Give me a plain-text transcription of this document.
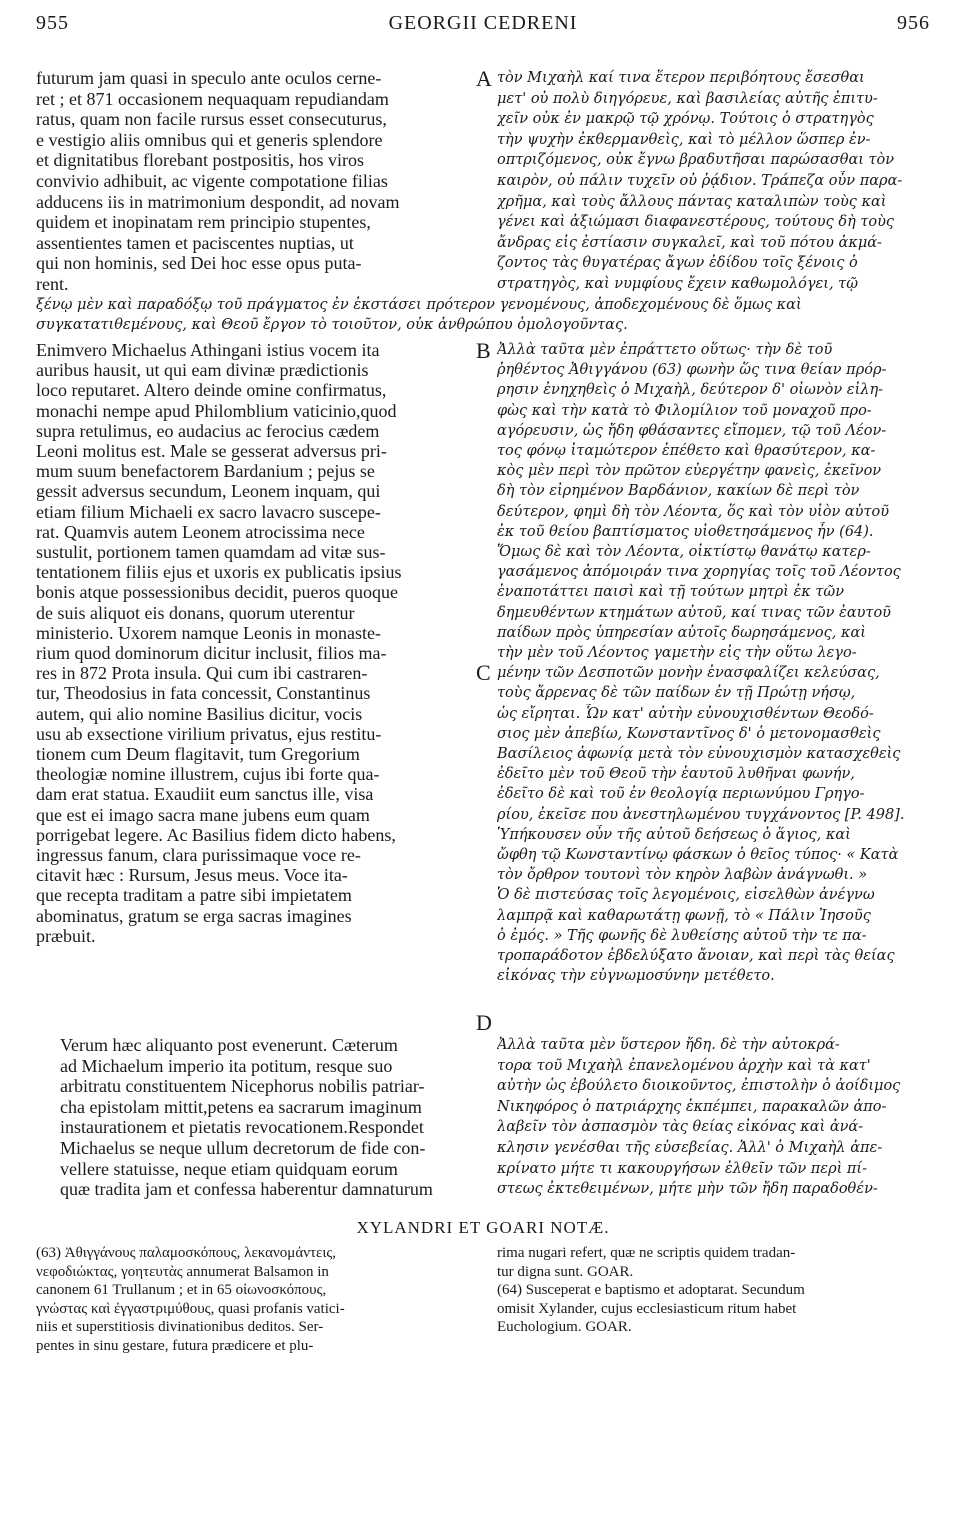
955	GEORGII CEDRENI	956
futurum jam quasi in speculo ante oculos cerne-
ret ; et 871 occasionem nequaquam repudiandam
ratus, quam non facile rursus esset consecuturus,
e vestigio aliis omnibus qui et generis splendore
et dignitatibus florebant postpositis, hos viros
convivio adhibuit, ac vigente compotatione filias
adducens iis in matrimonium despondit, ad novam
quidem et inopinatam rem principio stupentes,
assentientes tamen et paciscentes nuptias, ut
qui non hominis, sed Dei hoc esse opus puta-
rent.
τὸν Μιχαὴλ καί τινα ἕτερον περιβόητους ἔσεσθαι
μετ' οὐ πολὺ διηγόρευε, καὶ βασιλείας αὐτῆς ἐπιτυ-
χεῖν οὐκ ἐν μακρῷ τῷ χρόνῳ. Τούτοις ὁ στρατηγὸς
τὴν ψυχὴν ἐκθερμανθεὶς, καὶ τὸ μέλλον ὥσπερ ἐν-
οπτριζόμενος, οὐκ ἔγνω βραδυτῆσαι παρώσασθαι τὸν
καιρὸν, οὐ πάλιν τυχεῖν οὐ ῥᾴδιον. Τράπεζα οὖν παρα-
χρῆμα, καὶ τοὺς ἄλλους πάντας καταλιπὼν τοὺς καὶ
γένει καὶ ἀξιώμασι διαφανεστέρους, τούτους δὴ τοὺς
ἄνδρας εἰς ἑστίασιν συγκαλεῖ, καὶ τοῦ πότου ἀκμά-
ζοντος τὰς θυγατέρας ἄγων ἐδίδου τοῖς ξένοις ὁ
στρατηγὸς, καὶ νυμφίους ἔχειν καθωμολόγει, τῷ
ξένῳ μὲν καὶ παραδόξῳ τοῦ πράγματος ἐν ἐκστάσει πρότερον γενομένους, ἀποδεχομένους δὲ ὅμως καὶ
συγκατατιθεμένους, καὶ Θεοῦ ἔργον τὸ τοιοῦτον, οὐκ ἀνθρώπου ὁμολογοῦντας.
Enimvero Michaelus Athingani istius vocem ita
auribus hausit, ut qui eam divinæ prædictionis
loco reputaret. Altero deinde omine confirmatus,
monachi nempe apud Philomblium vaticinio,quod
supra retulimus, eo audacius ac ferocius cædem
Leoni molitus est. Male se gesserat adversus pri-
mum suum benefactorem Bardanium ; pejus se
gessit adversus secundum, Leonem inquam, qui
etiam filium Michaeli ex sacro lavacro suscepe-
rat. Quamvis autem Leonem atrocissima nece
sustulit, portionem tamen quamdam ad vitæ sus-
tentationem filiis ejus et uxoris ex publicatis ipsius
bonis atque possessionibus decidit, pueros quoque
de suis aliquot eis donans, quorum uterentur
ministerio. Uxorem namque Leonis in monaste-
rium quod dominorum dicitur inclusit, filios ma-
res in 872 Prota insula. Qui cum ibi castraren-
tur, Theodosius in fata concessit, Constantinus
autem, qui alio nomine Basilius dicitur, vocis
usu ab exsectione virilium privatus, ejus restitu-
tionem cum Deum flagitavit, tum Gregorium
theologiæ nomine illustrem, cujus ibi forte qua-
dam erat statua. Exaudiit eum sanctus ille, visa
que est ei imago sacra mane jubens eum quam
porrigebat legere. Ac Basilius fidem dicto habens,
ingressus fanum, clara purissimaque voce re-
citavit hæc : Rursum, Jesus meus. Voce ita-
que recepta traditam a patre sibi impietatem
abominatus, gratum se erga sacras imagines
præbuit.
Ἀλλὰ ταῦτα μὲν ἐπράττετο οὕτως· τὴν δὲ τοῦ
ῥηθέντος Ἀθιγγάνου (63) φωνὴν ὥς τινα θείαν πρόρ-
ρησιν ἐνηχηθεὶς ὁ Μιχαὴλ, δεύτερον δ' οἰωνὸν εἰλη-
φὼς καὶ τὴν κατὰ τὸ Φιλομίλιον τοῦ μοναχοῦ προ-
αγόρευσιν, ὡς ἤδη φθάσαντες εἴπομεν, τῷ τοῦ Λέον-
τος φόνῳ ἰταμώτερον ἐπέθετο καὶ θρασύτερον, κα-
κὸς μὲν περὶ τὸν πρῶτον εὐεργέτην φανεὶς, ἐκεῖνον
δὴ τὸν εἰρημένον Βαρδάνιον, κακίων δὲ περὶ τὸν
δεύτερον, φημὶ δὴ τὸν Λέοντα, ὅς καὶ τὸν υἱὸν αὐτοῦ
ἐκ τοῦ θείου βαπτίσματος υἱοθετησάμενος ἦν (64).
Ὅμως δὲ καὶ τὸν Λέοντα, οἰκτίστῳ θανάτῳ κατερ-
γασάμενος ἀπόμοιράν τινα χορηγίας τοῖς τοῦ Λέοντος
ἐναποτάττει παισὶ καὶ τῇ τούτων μητρὶ ἐκ τῶν
δημευθέντων κτημάτων αὐτοῦ, καί τινας τῶν ἑαυτοῦ
παίδων πρὸς ὑπηρεσίαν αὐτοῖς δωρησάμενος, καὶ
τὴν μὲν τοῦ Λέοντος γαμετὴν εἰς τὴν οὕτω λεγο-
μένην τῶν Δεσποτῶν μονὴν ἐνασφαλίζει κελεύσας,
τοὺς ἄρρενας δὲ τῶν παίδων ἐν τῇ Πρώτῃ νήσῳ,
ὡς εἴρηται. Ὧν κατ' αὐτὴν εὐνουχισθέντων Θεοδό-
σιος μὲν ἀπεβίω, Κωνσταντῖνος δ' ὁ μετονομασθεὶς
Βασίλειος ἀφωνίᾳ μετὰ τὸν εὐνουχισμὸν κατασχεθεὶς
ἐδεῖτο μὲν τοῦ Θεοῦ τὴν ἑαυτοῦ λυθῆναι φωνήν,
ἐδεῖτο δὲ καὶ τοῦ ἐν θεολογίᾳ περιωνύμου Γρηγο-
ρίου, ἐκεῖσε που ἀνεστηλωμένου τυγχάνοντος [P. 498].
Ὑπήκουσεν οὖν τῆς αὐτοῦ δεήσεως ὁ ἅγιος, καὶ
ὤφθη τῷ Κωνσταντίνῳ φάσκων ὁ θεῖος τύπος· « Κατὰ
τὸν ὄρθρον τουτονὶ τὸν κηρὸν λαβὼν ἀνάγνωθι. »
Ὁ δὲ πιστεύσας τοῖς λεγομένοις, εἰσελθὼν ἀνέγνω
λαμπρᾷ καὶ καθαρωτάτῃ φωνῇ, τὸ « Πάλιν Ἰησοῦς
ὁ ἐμός. » Τῆς φωνῆς δὲ λυθείσης αὐτοῦ τὴν τε πα-
τροπαράδοτον ἐβδελύξατο ἄνοιαν, καὶ περὶ τὰς θείας
εἰκόνας τὴν εὐγνωμοσύνην μετέθετο.
Verum hæc aliquanto post evenerunt. Cæterum
ad Michaelum imperio ita potitum, resque suo
arbitratu constituentem Nicephorus nobilis patriar-
cha epistolam mittit,petens ea sacrarum imaginum
instaurationem et pietatis revocationem.Respondet
Michaelus se neque ullum decretorum de fide con-
vellere statuisse, neque etiam quidquam eorum
quæ tradita jam et confessa haberentur damnaturum
Ἀλλὰ ταῦτα μὲν ὕστερον ἤδη. δὲ τὴν αὐτοκρά-
τορα τοῦ Μιχαὴλ ἐπανελομένου ἀρχὴν καὶ τὰ κατ'
αὐτὴν ὡς ἐβούλετο διοικοῦντος, ἐπιστολὴν ὁ ἀοίδιμος
Νικηφόρος ὁ πατριάρχης ἐκπέμπει, παρακαλῶν ἀπο-
λαβεῖν τὸν ἀσπασμὸν τὰς θείας εἰκόνας καὶ ἀνά-
κλησιν γενέσθαι τῆς εὐσεβείας. Ἀλλ' ὁ Μιχαὴλ ἀπε-
κρίνατο μήτε τι κακουργήσων ἐλθεῖν τῶν περὶ πί-
στεως ἐκτεθειμένων, μήτε μὴν τῶν ἤδη παραδοθέν-
XYLANDRI ET GOARI NOTÆ.
(63) Ἀθιγγάνους παλαμοσκόπους, λεκανομάντεις,
νεφοδιώκτας, γοητευτὰς annumerat Balsamon in
canonem 61 Trullanum ; et in 65 οἰωνοσκόπους,
γνώστας καὶ ἐγγαστριμύθους, quasi profanis vatici-
niis et superstitiosis divinationibus deditos. Ser-
pentes in sinu gestare, futura prædicere et plu-
rima nugari refert, quæ ne scriptis quidem tradan-
tur digna sunt. GOAR.
(64) Susceperat e baptismo et adoptarat. Secundum
omisit Xylander, cujus ecclesiasticum ritum habet
Euchologium. GOAR.
A
B
C
D
